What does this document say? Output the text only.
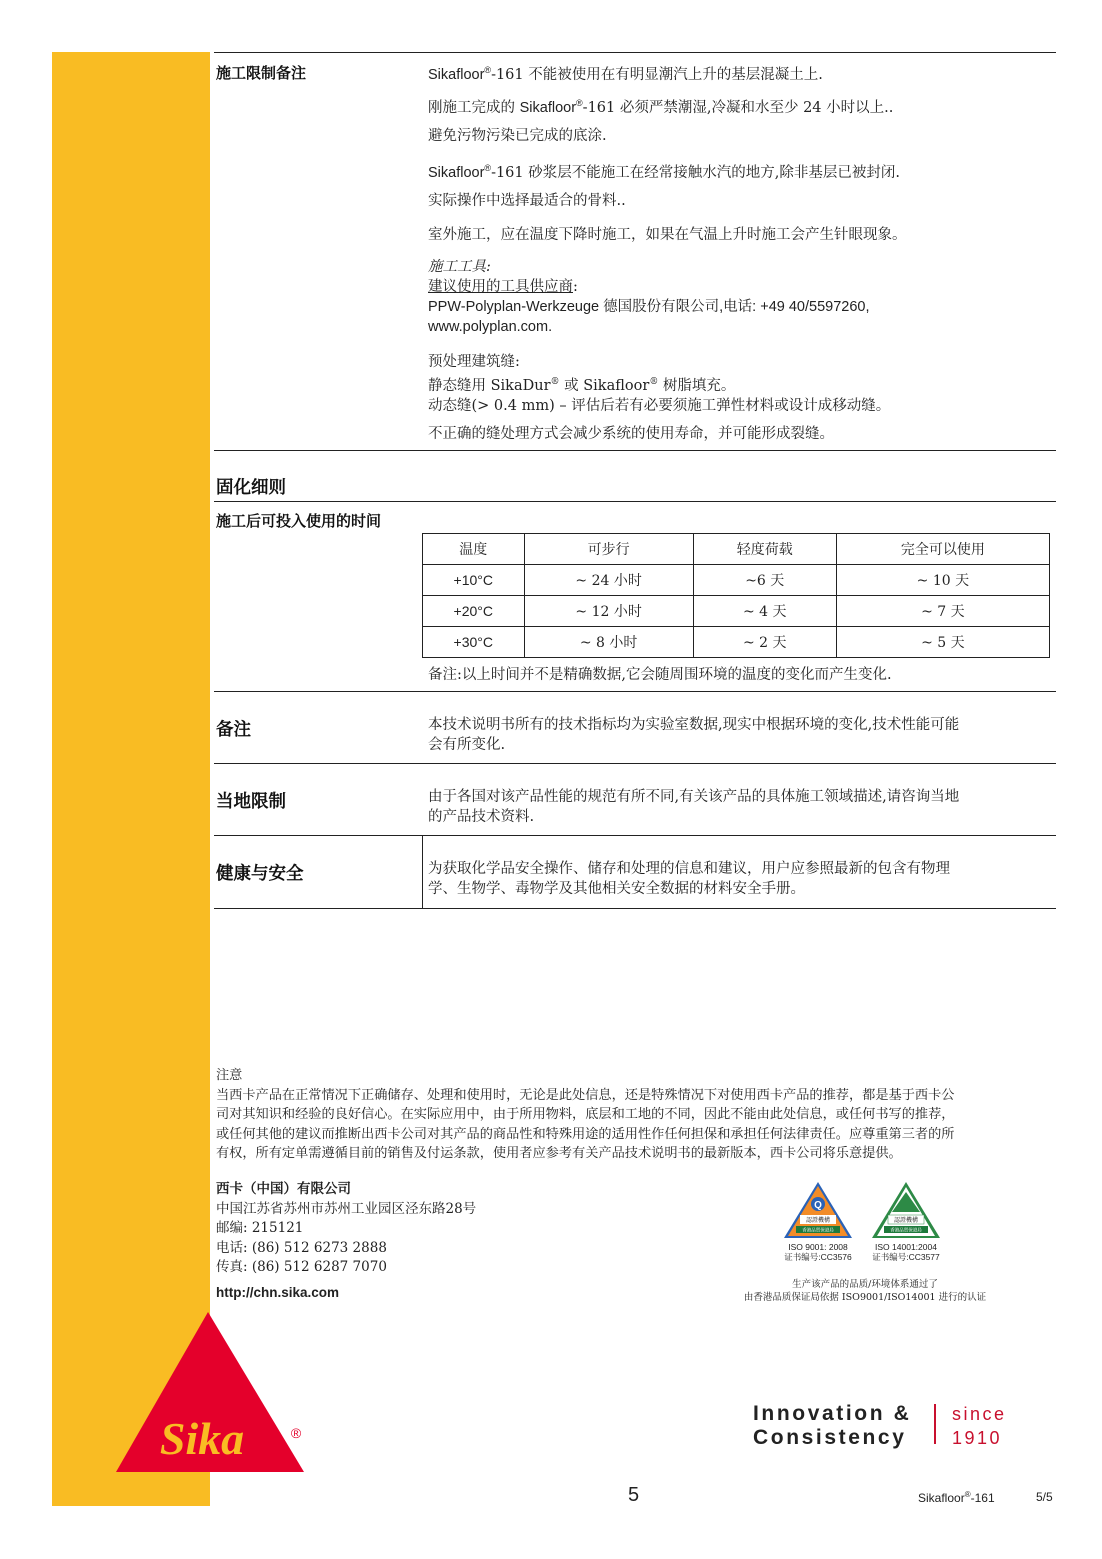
施工限制备注	Sikafloor®-161 不能被使用在有明显潮汽上升的基层混凝土上.
刚施工完成的 Sikafloor®-161 必须严禁潮湿,冷凝和水至少 24 小时以上..
避免污物污染已完成的底涂.
Sikafloor®-161 砂浆层不能施工在经常接触水汽的地方,除非基层已被封闭.
实际操作中选择最适合的骨料..
室外施工，应在温度下降时施工，如果在气温上升时施工会产生针眼现象。
施工工具:
建议使用的工具供应商:
PPW-Polyplan-Werkzeuge 德国股份有限公司,电话: +49 40/5597260,
www.polyplan.com.
预处理建筑缝:
静态缝用 SikaDur® 或 Sikafloor® 树脂填充。
动态缝(> 0.4 mm) – 评估后若有必要须施工弹性材料或设计成移动缝。
不正确的缝处理方式会减少系统的使用寿命，并可能形成裂缝。
固化细则
施工后可投入使用的时间
温度	可步行	轻度荷载	完全可以使用
+10°C	~ 24 小时	~6 天	~ 10 天
+20°C	~ 12 小时	~ 4 天	~ 7 天
+30°C	~ 8 小时	~ 2 天	~ 5 天
备注:以上时间并不是精确数据,它会随周围环境的温度的变化而产生变化.
备注	本技术说明书所有的技术指标均为实验室数据,现实中根据环境的变化,技术性能可能
会有所变化.
当地限制	由于各国对该产品性能的规范有所不同,有关该产品的具体施工领域描述,请咨询当地
的产品技术资料.
健康与安全	为获取化学品安全操作、储存和处理的信息和建议，用户应参照最新的包含有物理
学、生物学、毒物学及其他相关安全数据的材料安全手册。
注意
当西卡产品在正常情况下正确储存、处理和使用时，无论是此处信息，还是特殊情况下对使用西卡产品的推荐，都是基于西卡公
司对其知识和经验的良好信心。在实际应用中，由于所用物料，底层和工地的不同，因此不能由此处信息，或任何书写的推荐，
或任何其他的建议而推断出西卡公司对其产品的商品性和特殊用途的适用性作任何担保和承担任何法律责任。应尊重第三者的所
有权，所有定单需遵循目前的销售及付运条款，使用者应参考有关产品技术说明书的最新版本，西卡公司将乐意提供。
西卡（中国）有限公司
中国江苏省苏州市苏州工业园区泾东路28号
邮编: 215121
电话: (86) 512 6273 2888
传真: (86) 512 6287 7070
http://chn.sika.com
Q
認證機構
香港品質保證局
ISO 9001: 2008
证书编号:CC3576
認證機構
香港品質保證局
ISO 14001:2004
证书编号:CC3577
生产该产品的品质/环境体系通过了
由香港品质保证局依据 ISO9001/ISO14001 进行的认证
Sika	®
Innovation &
Consistency
since
1910
5	Sikafloor®-161	5/5
